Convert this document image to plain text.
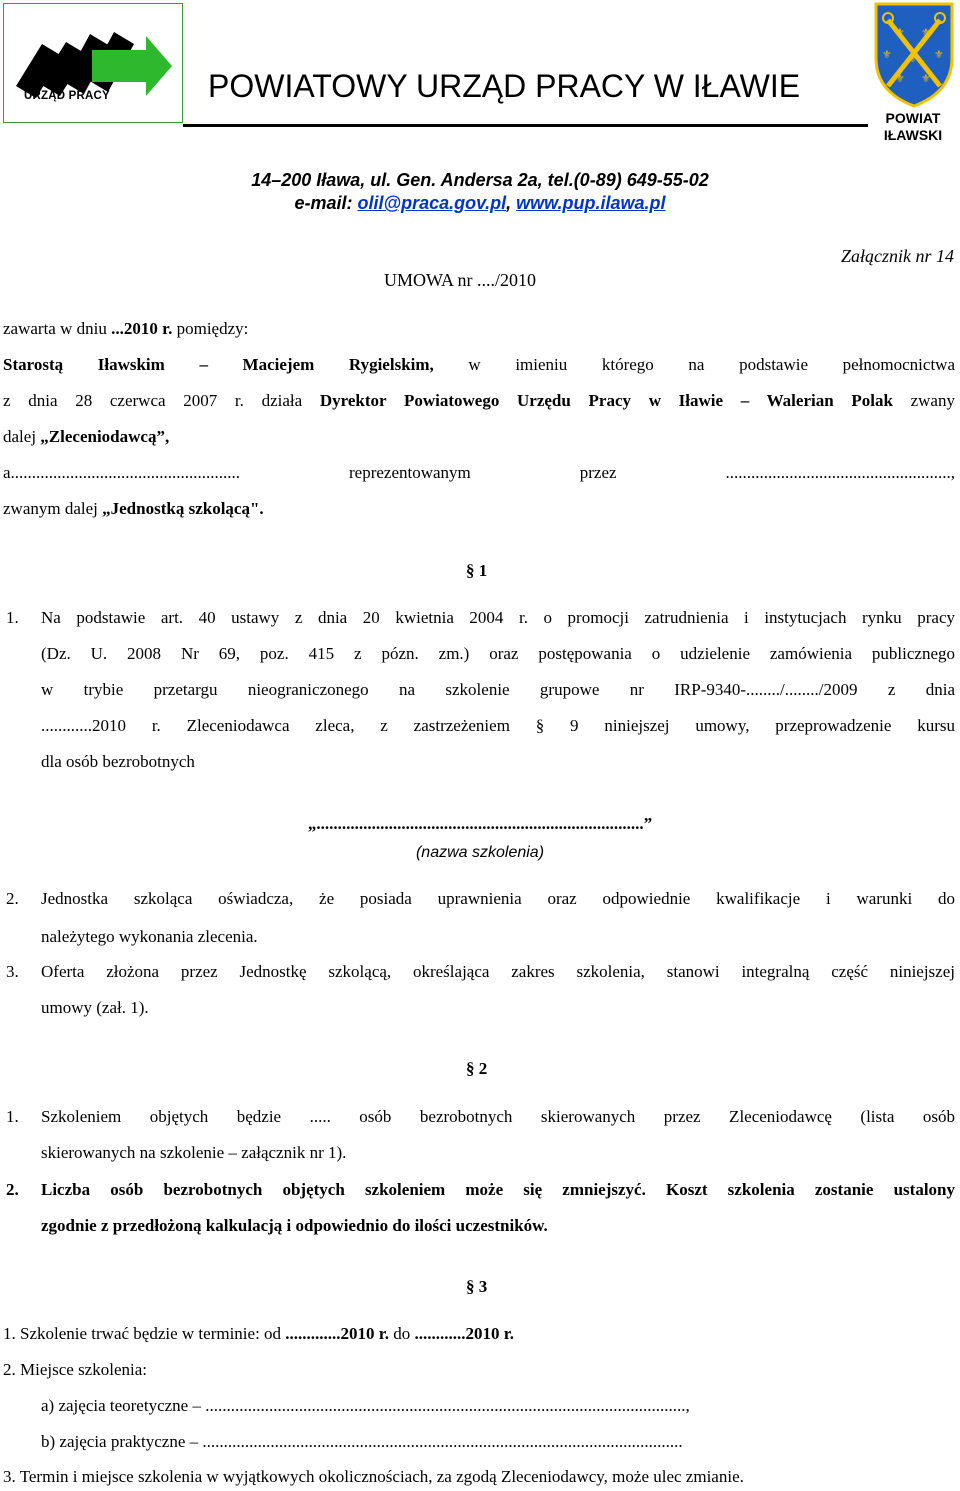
URZĄD PRACY	POWIATOWY URZĄD PRACY W IŁAWIE
⚜ ⚜
⚜	⚜
⚜
⚜ ⚜
POWIAT
IŁAWSKI
14–200 Iława, ul. Gen. Andersa 2a, tel.(0-89) 649-55-02
e-mail: olil@praca.gov.pl, www.pup.ilawa.pl
Załącznik nr 14
UMOWA nr ..../2010
zawarta w dniu ...2010 r. pomiędzy:
Starostą Iławskim – Maciejem Rygielskim, w imieniu którego na podstawie pełnomocnictwa
z dnia 28 czerwca 2007 r. działa Dyrektor Powiatowego Urzędu Pracy w Iławie – Walerian Polak zwany
dalej „Zleceniodawcą”,
a...................................................... reprezentowanym przez .....................................................,
zwanym dalej „Jednostką szkolącą".
§ 1
1. Na podstawie art. 40 ustawy z dnia 20 kwietnia 2004 r. o promocji zatrudnienia i instytucjach rynku pracy
(Dz. U. 2008 Nr 69, poz. 415 z pózn. zm.) oraz postępowania o udzielenie zamówienia publicznego
w trybie przetargu nieograniczonego na szkolenie grupowe nr IRP-9340-......../......../2009 z dnia
............2010 r. Zleceniodawca zleca, z zastrzeżeniem § 9 niniejszej umowy, przeprowadzenie kursu
dla osób bezrobotnych
„.............................................................................”
(nazwa szkolenia)
2. Jednostka szkoląca oświadcza, że posiada uprawnienia oraz odpowiednie kwalifikacje i warunki do
należytego wykonania zlecenia.
3. Oferta złożona przez Jednostkę szkolącą, określająca zakres szkolenia, stanowi integralną część niniejszej
umowy (zał. 1).
§ 2
1. Szkoleniem objętych będzie ..... osób bezrobotnych skierowanych przez Zleceniodawcę (lista osób
skierowanych na szkolenie – załącznik nr 1).
2. Liczba osób bezrobotnych objętych szkoleniem może się zmniejszyć. Koszt szkolenia zostanie ustalony
zgodnie z przedłożoną kalkulacją i odpowiednio do ilości uczestników.
§ 3
1. Szkolenie trwać będzie w terminie: od .............2010 r. do ............2010 r.
2. Miejsce szkolenia:
a) zajęcia teoretyczne – .................................................................................................................,
b) zajęcia praktyczne – .................................................................................................................
3. Termin i miejsce szkolenia w wyjątkowych okolicznościach, za zgodą Zleceniodawcy, może ulec zmianie.
